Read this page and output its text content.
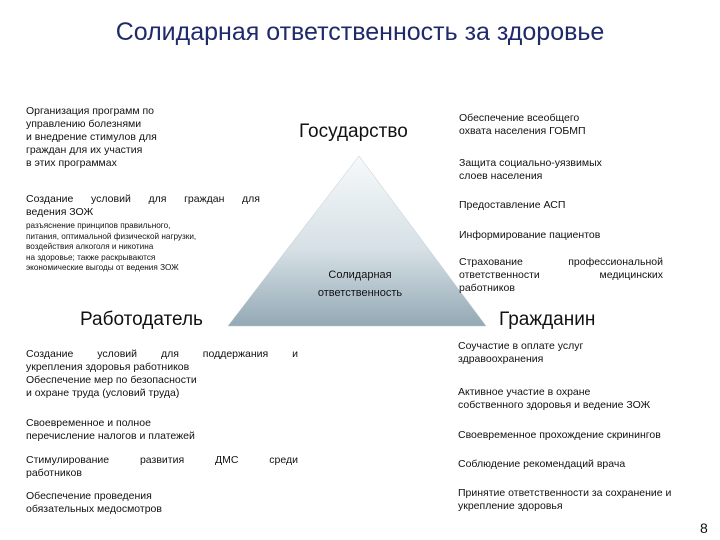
Солидарная ответственность за здоровье
Государство
Солидарная
ответственность
Работодатель	Гражданин
Организация программ по
управлению болезнями
и внедрение стимулов для
граждан для их участия
в этих программах
Создание условий для граждан для
ведения ЗОЖ
разъяснение принципов правильного,
питания, оптимальной физической нагрузки,
воздействия алкоголя и никотина
на здоровье; также раскрываются
экономические выгоды от ведения ЗОЖ
Обеспечение всеобщего
охвата населения ГОБМП
Защита социально-уязвимых
слоев населения
Предоставление АСП
Информирование пациентов
Страхование профессиональной
ответственности медицинских
работников
Создание условий для поддержания и
укрепления здоровья работников
Обеспечение мер по безопасности
и охране труда (условий труда)
Своевременное и полное
перечисление налогов и платежей
Стимулирование развития ДМС среди
работников
Обеспечение проведения
обязательных медосмотров
Соучастие в оплате услуг
здравоохранения
Активное участие в охране
собственного здоровья и ведение ЗОЖ
Своевременное прохождение скринингов
Соблюдение рекомендаций врача
Принятие ответственности за сохранение и
укрепление здоровья
8
